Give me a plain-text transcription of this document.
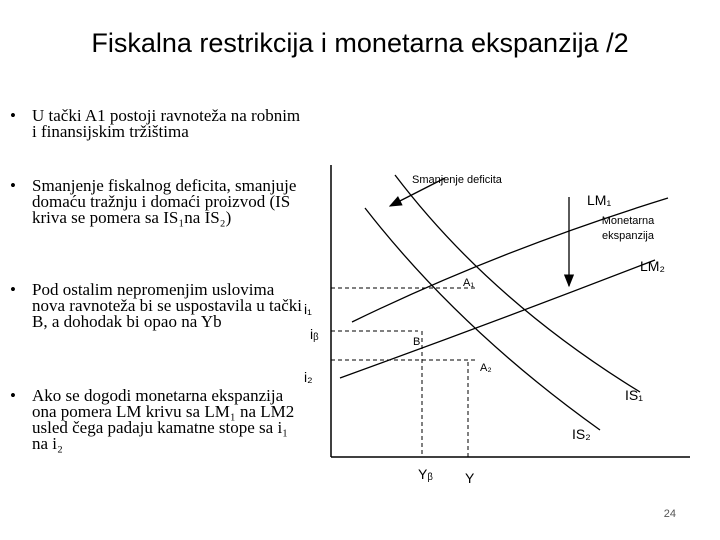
Fiskalna restrikcija i monetarna ekspanzija /2
• U tački A1 postoji ravnoteža na robnim i finansijskim tržištima
• Smanjenje fiskalnog deficita, smanjuje domaću tražnju i domaći proizvod (IS kriva se pomera sa IS₁na IS₂)
• Pod ostalim nepromenjim uslovima nova ravnoteža bi se uspostavila u tački B, a dohodak bi opao na Yb
• Ako se dogodi monetarna ekspanzija ona pomera LM krivu sa LM₁ na LM2 usled čega padaju kamatne stope sa i₁ na i₂
Smanjenje deficita
LM₁
Monetarna ekspanzija
LM₂
A₁
B
A₂
IS₁
IS₂
i₁
iᵦ
i₂
Yᵦ Y
24
